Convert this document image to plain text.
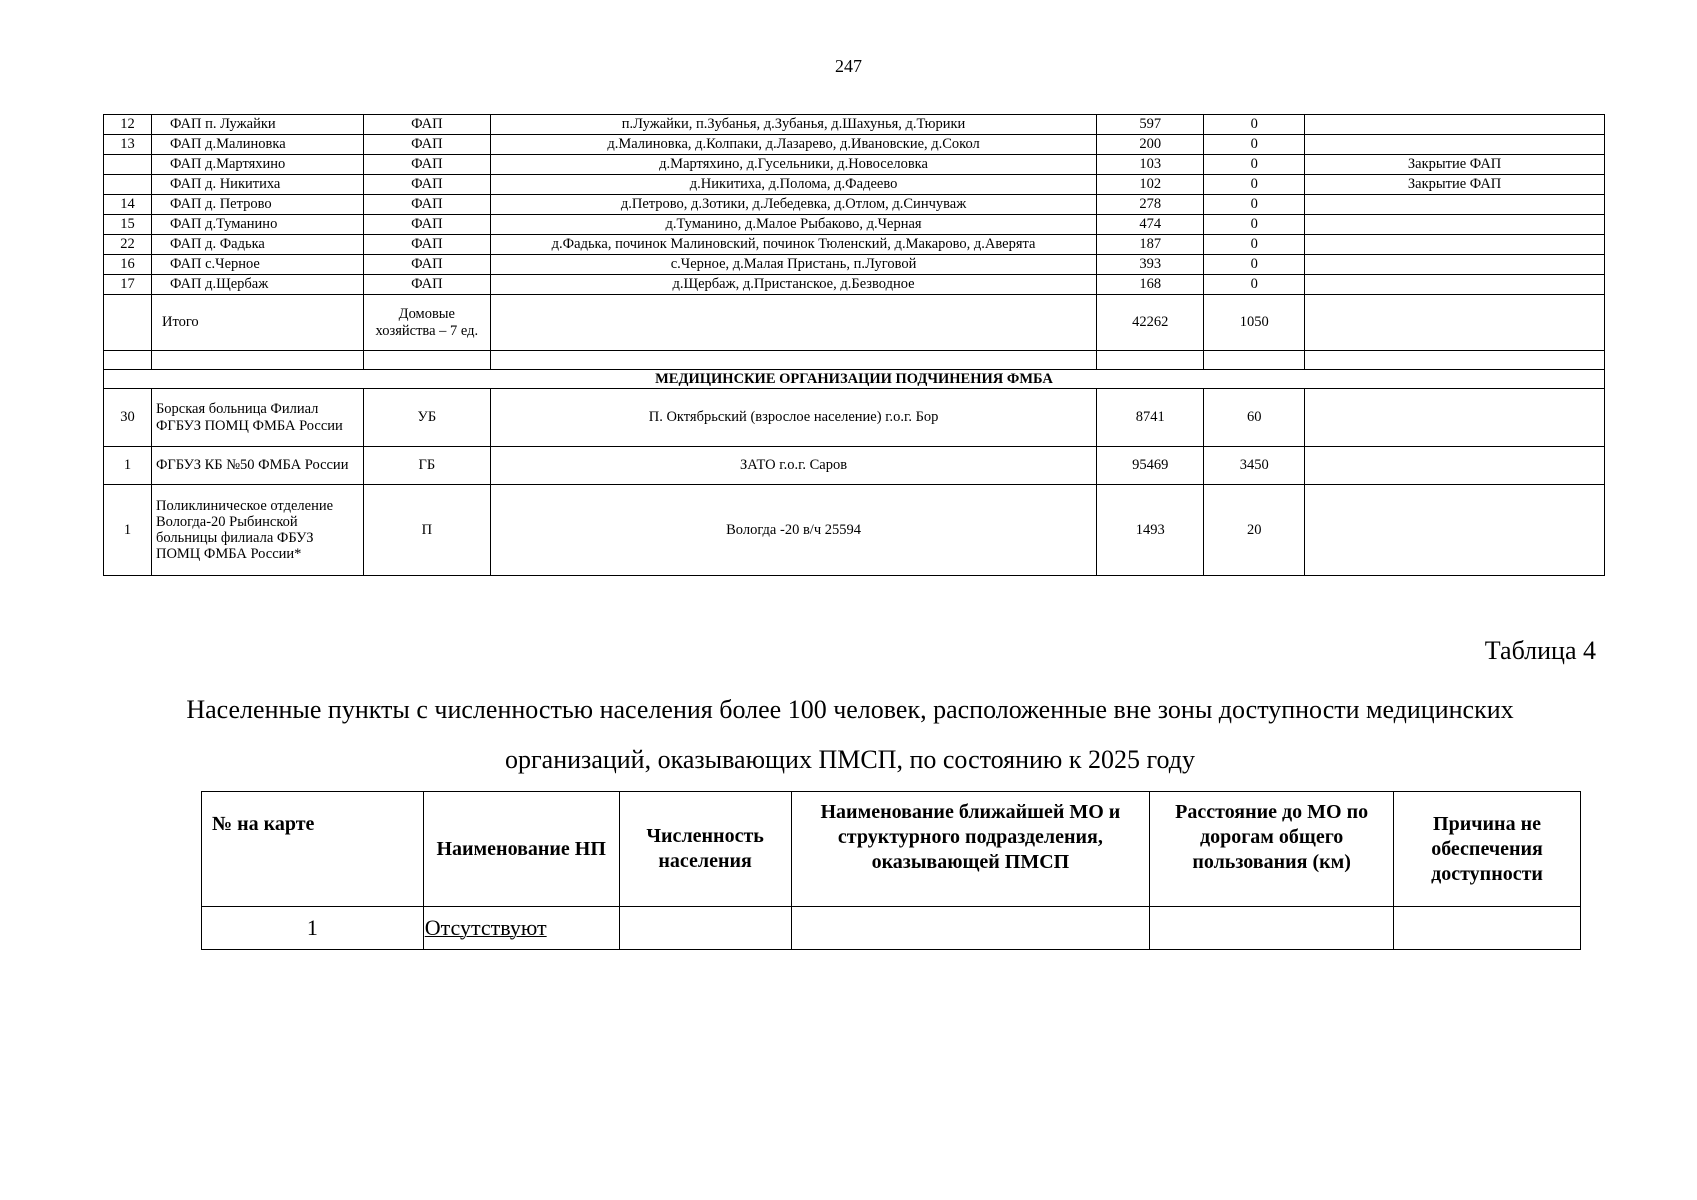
247
12	ФАП п. Лужайки	ФАП	п.Лужайки, п.Зубанья, д.Зубанья, д.Шахунья, д.Тюрики	597	0	
13	ФАП д.Малиновка	ФАП	д.Малиновка, д.Колпаки, д.Лазарево, д.Ивановские, д.Сокол	200	0	
	ФАП д.Мартяхино	ФАП	д.Мартяхино, д.Гусельники, д.Новоселовка	103	0	Закрытие ФАП
	ФАП д. Никитиха	ФАП	д.Никитиха, д.Полома, д.Фадеево	102	0	Закрытие ФАП
14	ФАП д. Петрово	ФАП	д.Петрово, д.Зотики, д.Лебедевка, д.Отлом, д.Синчуваж	278	0	
15	ФАП д.Туманино	ФАП	д.Туманино, д.Малое Рыбаково, д.Черная	474	0	
22	ФАП д. Фадька	ФАП	д.Фадька, починок Малиновский, починок Тюленский, д.Макарово, д.Аверята	187	0	
16	ФАП с.Черное	ФАП	с.Черное, д.Малая Пристань, п.Луговой	393	0	
17	ФАП д.Щербаж	ФАП	д.Щербаж, д.Пристанское, д.Безводное	168	0	
	Итого	Домовые хозяйства – 7 ед.		42262	1050	

МЕДИЦИНСКИЕ ОРГАНИЗАЦИИ ПОДЧИНЕНИЯ ФМБА						
30	Борская больница Филиал ФГБУЗ ПОМЦ ФМБА России	УБ	П. Октябрьский (взрослое население) г.о.г. Бор	8741	60	
1	ФГБУЗ КБ №50 ФМБА России	ГБ	ЗАТО г.о.г. Саров	95469	3450	
1	Поликлиническое отделение Вологда-20 Рыбинской больницы филиала ФБУЗ ПОМЦ ФМБА России*	П	Вологда -20 в/ч 25594	1493	20	
Таблица 4
Населенные пункты с численностью населения более 100 человек, расположенные вне зоны доступности медицинских организаций, оказывающих ПМСП, по состоянию к 2025 году
№ на карте	Наименование НП	Численность населения	Наименование ближайшей МО и структурного подразделения, оказывающей ПМСП	Расстояние до МО по дорогам общего пользования (км)	Причина не обеспечения доступности
1	Отсутствуют				
